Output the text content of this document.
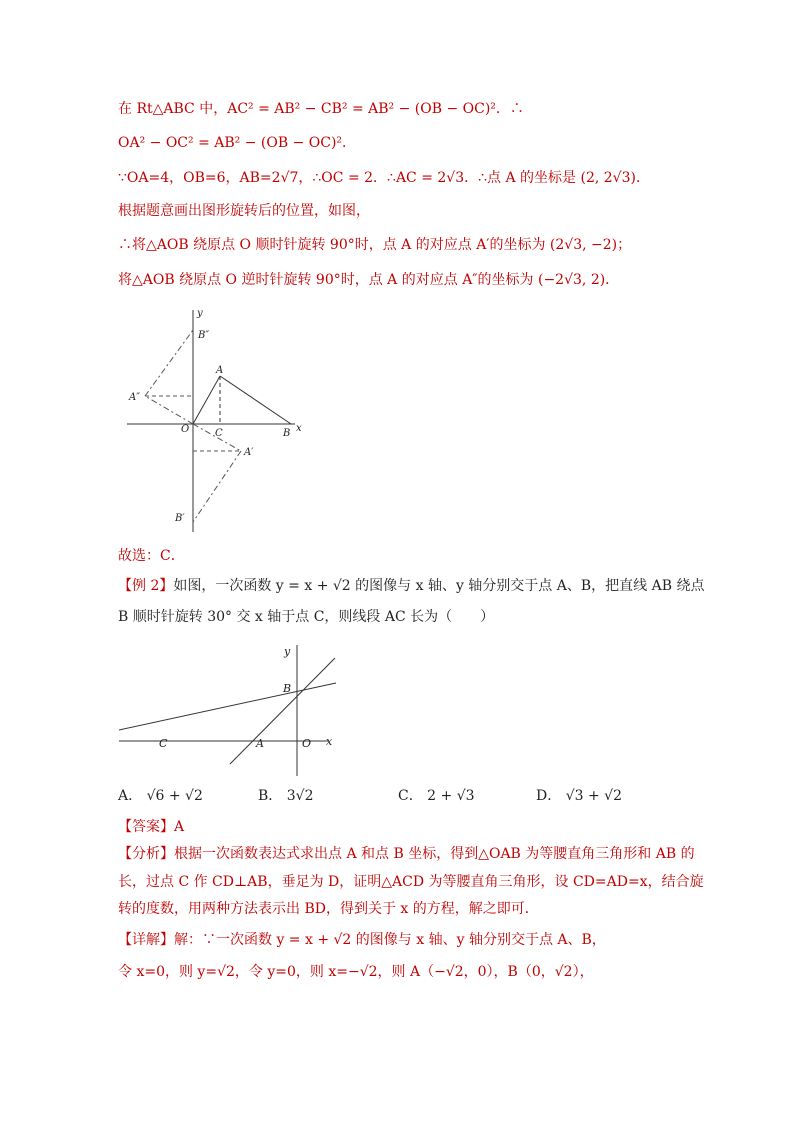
在 Rt△ABC 中，AC² = AB² − CB² = AB² − (OB − OC)²．∴
OA² − OC² = AB² − (OB − OC)²．
∵OA=4，OB=6，AB=2√7，∴OC = 2．∴AC = 2√3．∴点 A 的坐标是 (2, 2√3)．
根据题意画出图形旋转后的位置，如图，
∴将△AOB 绕原点 O 顺时针旋转 90°时，点 A 的对应点 A′的坐标为 (2√3, −2)；
将△AOB 绕原点 O 逆时针旋转 90°时，点 A 的对应点 A″的坐标为 (−2√3, 2)．
y
x
O	C	B
A
A″
B″
A′
B′
故选：C．
【例 2】如图，一次函数 y = x + √2 的图像与 x 轴、y 轴分别交于点 A、B，把直线 AB 绕点
B 顺时针旋转 30° 交 x 轴于点 C，则线段 AC 长为（　　）
y
x
B
C	A	O
A． √6 + √2	B． 3√2	C． 2 + √3	D． √3 + √2
【答案】A
【分析】根据一次函数表达式求出点 A 和点 B 坐标，得到△OAB 为等腰直角三角形和 AB 的
长，过点 C 作 CD⊥AB，垂足为 D，证明△ACD 为等腰直角三角形，设 CD=AD=x，结合旋
转的度数，用两种方法表示出 BD，得到关于 x 的方程，解之即可．
【详解】解：∵一次函数 y = x + √2 的图像与 x 轴、y 轴分别交于点 A、B，
令 x=0，则 y=√2，令 y=0，则 x=−√2，则 A（−√2，0），B（0，√2），
